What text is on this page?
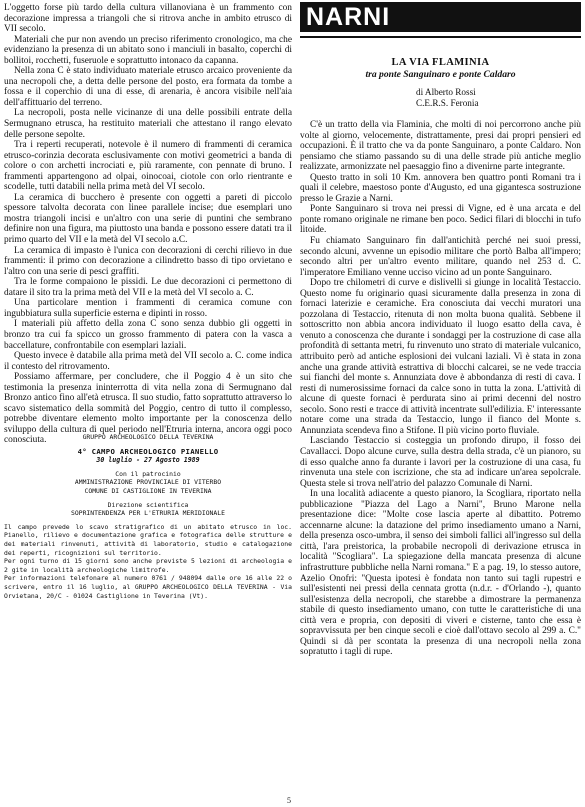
L'oggetto forse più tardo della cultura villanoviana è un frammento con decorazione impressa a triangoli che si ritrova anche in ambito etrusco di VII secolo.

Materiali che pur non avendo un preciso riferimento cronologico, ma che evidenziano la presenza di un abitato sono i manciuli in basalto, coperchi di bollitoi, rocchetti, fuseruole e soprattutto intonaco da capanna.

Nella zona C è stato individuato materiale etrusco arcaico proveniente da una necropoli che, a detta delle persone del posto, era formata da tombe a fossa e il coperchio di una di esse, di arenaria, è ancora visibile nell'aia dell'affittuario del terreno.

La necropoli, posta nelle vicinanze di una delle possibili entrate della Sermugnano etrusca, ha restituito materiali che attestano il rango elevato delle persone sepolte.

Tra i reperti recuperati, notevole è il numero di frammenti di ceramica etrusco-corinzia decorata esclusivamente con motivi geometrici a banda di colore o con archetti incrociati e, più raramente, con pennate di bruno. I frammenti appartengono ad olpai, oinocoai, ciotole con orlo rientrante e scodelle, tutti databili nella prima metà del VI secolo.

La ceramica di bucchero è presente con oggetti a pareti di piccolo spessore talvolta decorata con linee parallele incise; due esemplari uno mostra triangoli incisi e un'altro con una serie di puntini che sembrano definire non una figura, ma piuttosto una banda e possono essere datati tra il primo quarto del VII e la metà del VI secolo a.C.

La ceramica di impasto è l'unica con decorazioni di cerchi rilievo in due frammenti: il primo con decorazione a cilindretto basso di tipo orvietano e l'altro con una serie di pesci graffiti.

Tra le forme compaiono le pissidi. Le due decorazioni ci permettono di datare il sito tra la prima metà del VII e la metà del VI secolo a. C.

Una particolare mention i frammenti di ceramica comune con ingubbiatura sulla superficie esterna e dipinti in rosso.

I materiali più affetto della zona C sono senza dubbio gli oggetti in bronzo tra cui fa spicco un grosso frammento di patera con la vasca a baccellature, confrontabile con esemplari laziali.

Questo invece è databile alla prima metà del VII secolo a. C. come indica il contesto del ritrovamento.

Possiamo affermare, per concludere, che il Poggio 4 è un sito che testimonia la presenza ininterrotta di vita nella zona di Sermugnano dal Bronzo antico fino all'età etrusca. Il suo studio, fatto soprattutto attraverso lo scavo sistematico della sommità del Poggio, centro di tutto il complesso, potrebbe diventare elemento molto importante per la conoscenza dello sviluppo della cultura di quel periodo nell'Etruria interna, ancora oggi poco conosciuta.	GRUPPO ARCHEOLOGICO DELLA TEVERINA

4° CAMPO ARCHEOLOGICO PIANELLO

30 luglio - 27 Agosto 1989

Con il patrocinio

AMMINISTRAZIONE PROVINCIALE DI VITERBO

COMUNE DI CASTIGLIONE IN TEVERINA

Direzione scientifica

SOPRINTENDENZA PER L'ETRURIA MERIDIONALE

Il campo prevede lo scavo stratigrafico di un abitato etrusco in loc. Pianello, rilievo e documentazione grafica e fotografica delle strutture e dei materiali rinvenuti, attività di laboratorio, studio e catalogazione dei reperti, ricognizioni sul territorio.

Per ogni turno di 15 giorni sono anche previste 5 lezioni di archeologia e 2 gite in località archeologiche limitrofe.

Per informazioni telefonare al numero 0761 / 948094 dalle ore 16 alle 22 o scrivere, entro il 16 luglio, al GRUPPO ARCHEOLOGICO DELLA TEVERINA - Via Orvietana, 20/C - 01024 Castiglione in Teverina (Vt).

NARNI
LA VIA FLAMINIA
tra ponte Sanguinaro e ponte Caldaro
di Alberto Rossi
C.E.R.S. Feronia

C'è un tratto della via Flaminia, che molti di noi percorrono anche più volte al giorno, velocemente, distrattamente, presi dai propri pensieri ed occupazioni. È il tratto che va da ponte Sanguinaro, a ponte Caldaro. Non pensiamo che stiamo passando su di una delle strade più antiche meglio realizzate, armonizzate nel paesaggio fino a divenirne parte integrante.

Questo tratto in soli 10 Km. annovera ben quattro ponti Romani tra i quali il celebre, maestoso ponte d'Augusto, ed una gigantesca sostruzione presso le Grazie a Narni.

Ponte Sanguinaro si trova nei pressi di Vigne, ed è una arcata e del ponte romano originale ne rimane ben poco. Sedici filari di blocchi in tufo litoide.

Fu chiamato Sanguinaro fin dall'antichità perché nei suoi pressi, secondo alcuni, avvenne un episodio militare che portò Balba all'impero; secondo altri per un'altro evento militare, quando nel 253 d. C. l'imperatore Emiliano venne ucciso vicino ad un ponte Sanguinaro.

Dopo tre chilometri di curve e dislivelli si giunge in località Testaccio. Questo nome fu originario quasi sicuramente dalla presenza in zona di fornaci laterizie e ceramiche. Era conosciuta dai vecchi muratori una pozzolana di Testaccio, ritenuta di non molta buona qualità. Sebbene il sottoscritto non abbia ancora individuato il luogo esatto della cava, è venuto a conoscenza che durante i sondaggi per la costruzione di case alla profondità di settanta metri, fu rinvenuto uno strato di materiale vulcanico, attribuito però ad antiche esplosioni dei vulcani laziali. Vi è stata in zona anche una grande attività estrattiva di blocchi calcarei, se ne vede traccia sui fianchi del monte s. Annunziata dove è abbondanza di resti di cava. I resti di numerosissime fornaci da calce sono in tutta la zona. L'attività di alcune di queste fornaci è perdurata sino ai primi decenni del nostro secolo. Sono resti e tracce di attività incentrate sull'edilizia. E' interessante notare come una strada da Testaccio, lungo il fianco del Monte s. Annunziata scendeva fino a Stifone. Il più vicino porto fluviale.

Lasciando Testaccio si costeggia un profondo dirupo, il fosso dei Cavallacci. Dopo alcune curve, sulla destra della strada, c'è un pianoro, su di esso qualche anno fa durante i lavori per la costruzione di una casa, fu rinvenuta una stele con iscrizione, che sta ad indicare un'area sepolcrale. Questa stele si trova nell'atrio del palazzo Comunale di Narni.

In una località adiacente a questo pianoro, la Scogliara, riportato nella pubblicazione "Piazza del Lago a Narni", Bruno Marone nella presentazione dice: "Molte cose lascia aperte al dibattito. Potremo accennarne alcune: la datazione del primo insediamento umano a Narni, della presenza osco-umbra, il senso dei simboli fallici all'ingresso sul della città, l'ara preistorica, la probabile necropoli di derivazione etrusca in località "Scogliara". La spiegazione della mancata presenza di alcune infrastrutture pubbliche nella Narni romana." E a pag. 19, lo stesso autore, Azelio Onofri: "Questa ipotesi è fondata non tanto sui tagli rupestri e sull'esistenti nei pressi della cennata grotta (n.d.r. - d'Orlando -), quanto sull'esistenza della necropoli, che starebbe a dimostrare la permanenza stabile di questo insediamento umano, con tutte le caratteristiche di una città vera e propria, con depositi di viveri e cisterne, tanto che essa è sopravvissuta per ben cinque secoli e cioè dall'ottavo secolo al 299 a. C." Quindi si dà per scontata la presenza di una necropoli nella zona sopratutto i tagli di rupe.

5
